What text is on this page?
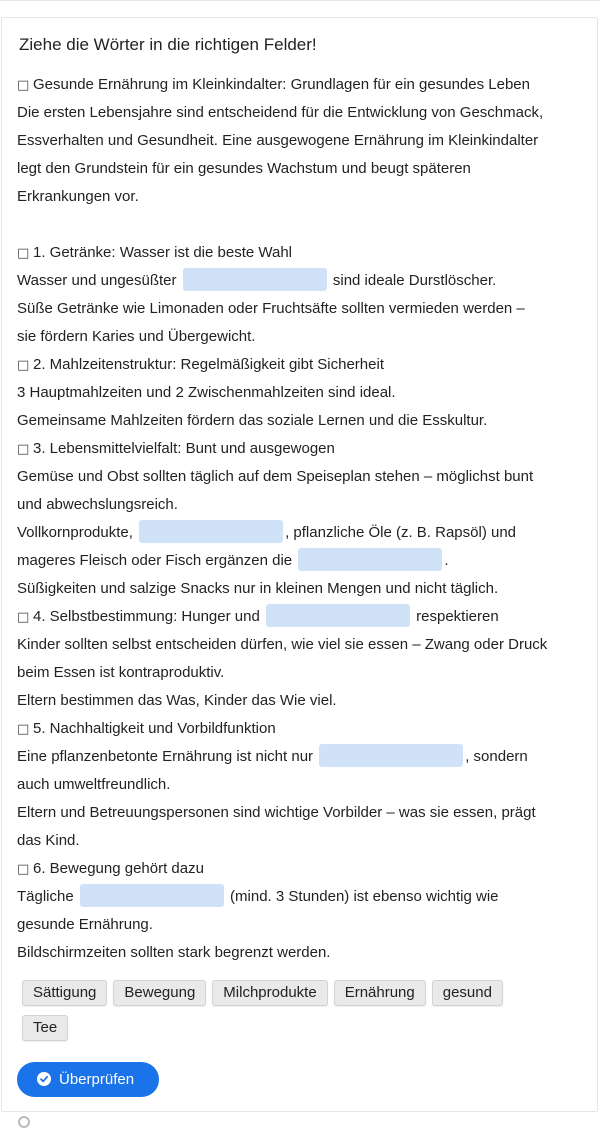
Ziehe die Wörter in die richtigen Felder!
□ Gesunde Ernährung im Kleinkindalter: Grundlagen für ein gesundes Leben
Die ersten Lebensjahre sind entscheidend für die Entwicklung von Geschmack,
Essverhalten und Gesundheit. Eine ausgewogene Ernährung im Kleinkindalter
legt den Grundstein für ein gesundes Wachstum und beugt späteren
Erkrankungen vor.
□ 1. Getränke: Wasser ist die beste Wahl
Wasser und ungesüßter	sind ideale Durstlöscher.
Süße Getränke wie Limonaden oder Fruchtsäfte sollten vermieden werden –
sie fördern Karies und Übergewicht.
□ 2. Mahlzeitenstruktur: Regelmäßigkeit gibt Sicherheit
3 Hauptmahlzeiten und 2 Zwischenmahlzeiten sind ideal.
Gemeinsame Mahlzeiten fördern das soziale Lernen und die Esskultur.
□ 3. Lebensmittelvielfalt: Bunt und ausgewogen
Gemüse und Obst sollten täglich auf dem Speiseplan stehen – möglichst bunt
und abwechslungsreich.
Vollkornprodukte,	, pflanzliche Öle (z. B. Rapsöl) und
mageres Fleisch oder Fisch ergänzen die	.
Süßigkeiten und salzige Snacks nur in kleinen Mengen und nicht täglich.
□ 4. Selbstbestimmung: Hunger und	respektieren
Kinder sollten selbst entscheiden dürfen, wie viel sie essen – Zwang oder Druck
beim Essen ist kontraproduktiv.
Eltern bestimmen das Was, Kinder das Wie viel.
□ 5. Nachhaltigkeit und Vorbildfunktion
Eine pflanzenbetonte Ernährung ist nicht nur	, sondern
auch umweltfreundlich.
Eltern und Betreuungspersonen sind wichtige Vorbilder – was sie essen, prägt
das Kind.
□ 6. Bewegung gehört dazu
Tägliche	(mind. 3 Stunden) ist ebenso wichtig wie
gesunde Ernährung.
Bildschirmzeiten sollten stark begrenzt werden.
Sättigung Bewegung Milchprodukte Ernährung gesund
Tee
Überprüfen
